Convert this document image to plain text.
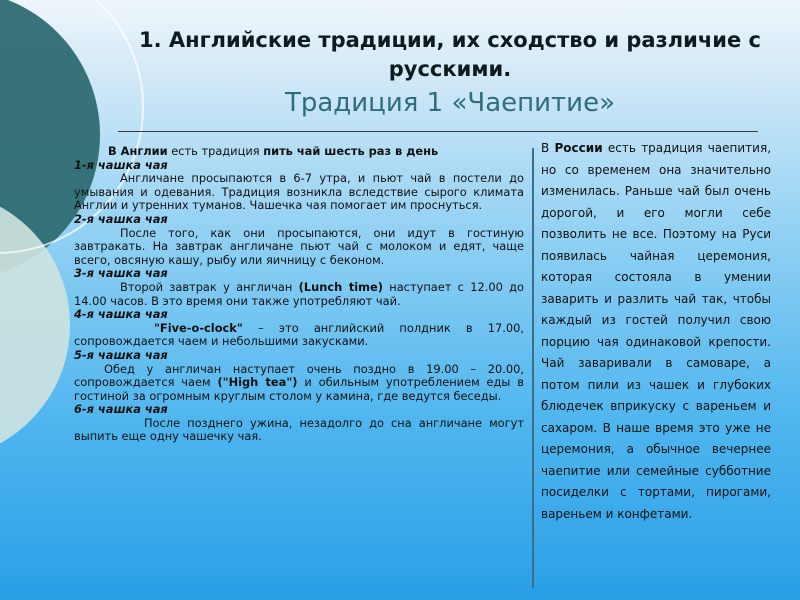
1. Английские традиции, их сходство и различие с русскими.
Традиция 1 «Чаепитие»

В Англии есть традиция пить чай шесть раз в день

1-я чашка чая

Англичане просыпаются в 6-7 утра, и пьют чай в постели до умывания и одевания. Традиция возникла вследствие сырого климата Англии и утренних туманов. Чашечка чая помогает им проснуться.

2-я чашка чая

После того, как они просыпаются, они идут в гостиную завтракать. На завтрак англичане пьют чай с молоком и едят, чаще всего, овсяную кашу, рыбу или яичницу с беконом.

3-я чашка чая

Второй завтрак у англичан (Lunch time) наступает с 12.00 до 14.00 часов. В это время они также употребляют чай.

4-я чашка чая

"Five-o-clock" – это английский полдник в 17.00, сопровождается чаем и небольшими закусками.

5-я чашка чая

Обед у англичан наступает очень поздно в 19.00 – 20.00, сопровождается чаем ("High tea") и обильным употреблением еды в гостиной за огромным круглым столом у камина, где ведутся беседы.

6-я чашка чая

После позднего ужина, незадолго до сна англичане могут выпить еще одну чашечку чая.

В России есть традиция чаепития, но со временем она значительно изменилась. Раньше чай был очень дорогой, и его могли себе позволить не все. Поэтому на Руси появилась чайная церемония, которая состояла в умении заварить и разлить чай так, чтобы каждый из гостей получил свою порцию чая одинаковой крепости. Чай заваривали в самоваре, а потом пили из чашек и глубоких блюдечек вприкуску с вареньем и сахаром. В наше время это уже не церемония, а обычное вечернее чаепитие или семейные субботние посиделки с тортами, пирогами, вареньем и конфетами.
